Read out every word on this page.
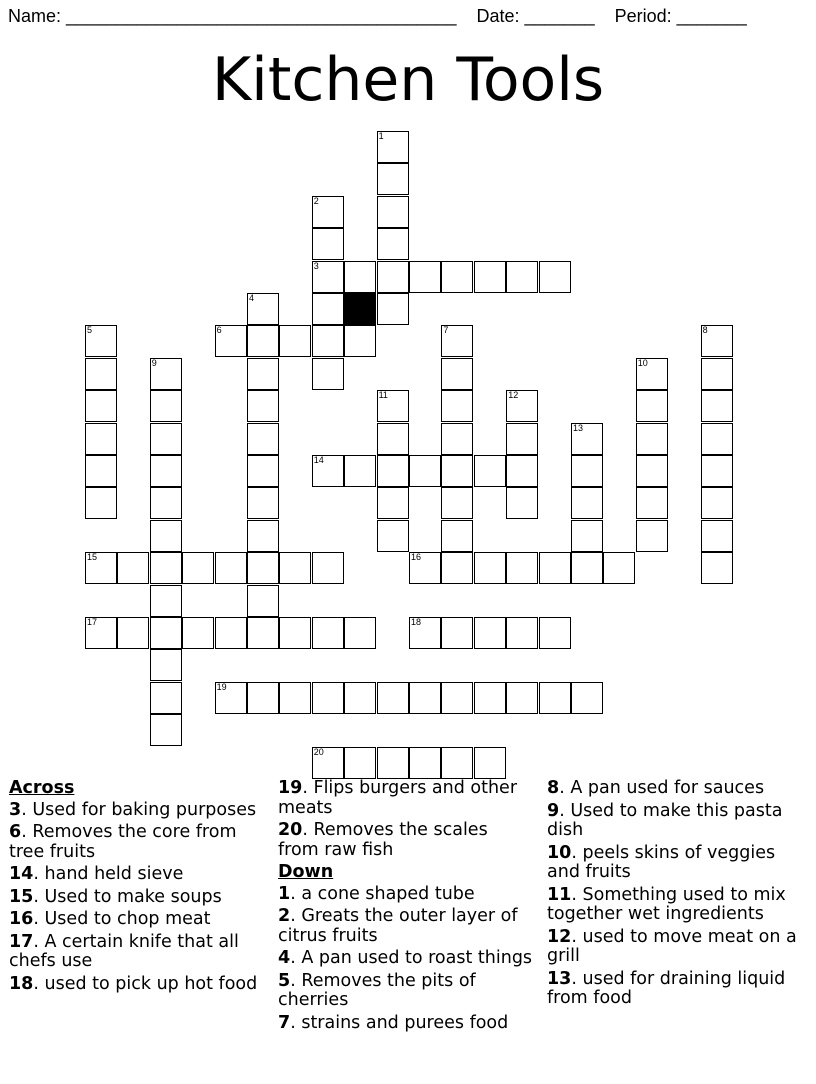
Name: _______________________________________ Date: _______ Period: _______
Kitchen Tools
1
2
3
4
5	6	7	8
9	10
11	12
13
14
15	16
17	18
19
20
Across
3. Used for baking purposes
6. Removes the core from tree fruits
14. hand held sieve
15. Used to make soups
16. Used to chop meat
17. A certain knife that all chefs use
18. used to pick up hot food
19. Flips burgers and other meats
20. Removes the scales from raw fish
Down
1. a cone shaped tube
2. Greats the outer layer of citrus fruits
4. A pan used to roast things
5. Removes the pits of cherries
7. strains and purees food
8. A pan used for sauces
9. Used to make this pasta dish
10. peels skins of veggies and fruits
11. Something used to mix together wet ingredients
12. used to move meat on a grill
13. used for draining liquid from food
